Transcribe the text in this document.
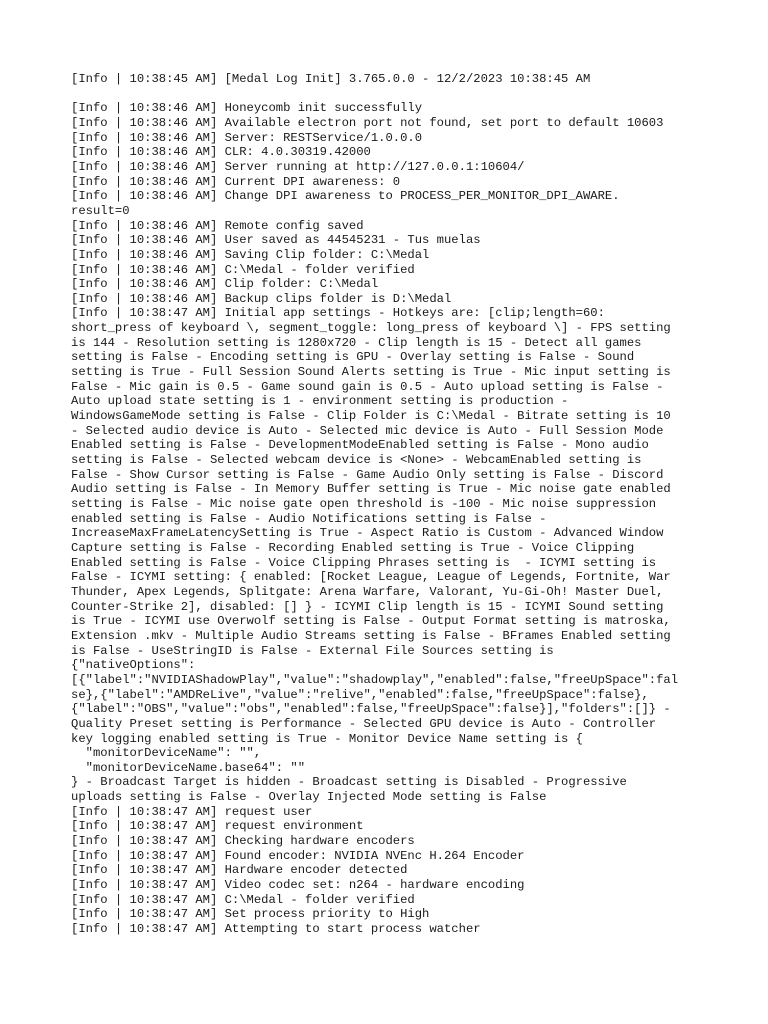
[Info | 10:38:45 AM] [Medal Log Init] 3.765.0.0 - 12/2/2023 10:38:45 AM
[Info | 10:38:46 AM] Honeycomb init successfully
[Info | 10:38:46 AM] Available electron port not found, set port to default 10603
[Info | 10:38:46 AM] Server: RESTService/1.0.0.0
[Info | 10:38:46 AM] CLR: 4.0.30319.42000
[Info | 10:38:46 AM] Server running at http://127.0.0.1:10604/
[Info | 10:38:46 AM] Current DPI awareness: 0
[Info | 10:38:46 AM] Change DPI awareness to PROCESS_PER_MONITOR_DPI_AWARE.
result=0
[Info | 10:38:46 AM] Remote config saved
[Info | 10:38:46 AM] User saved as 44545231 - Tus muelas
[Info | 10:38:46 AM] Saving Clip folder: C:\Medal
[Info | 10:38:46 AM] C:\Medal - folder verified
[Info | 10:38:46 AM] Clip folder: C:\Medal
[Info | 10:38:46 AM] Backup clips folder is D:\Medal
[Info | 10:38:47 AM] Initial app settings - Hotkeys are: [clip;length=60:
short_press of keyboard \, segment_toggle: long_press of keyboard \] - FPS setting
is 144 - Resolution setting is 1280x720 - Clip length is 15 - Detect all games
setting is False - Encoding setting is GPU - Overlay setting is False - Sound
setting is True - Full Session Sound Alerts setting is True - Mic input setting is
False - Mic gain is 0.5 - Game sound gain is 0.5 - Auto upload setting is False -
Auto upload state setting is 1 - environment setting is production -
WindowsGameMode setting is False - Clip Folder is C:\Medal - Bitrate setting is 10
- Selected audio device is Auto - Selected mic device is Auto - Full Session Mode
Enabled setting is False - DevelopmentModeEnabled setting is False - Mono audio
setting is False - Selected webcam device is <None> - WebcamEnabled setting is
False - Show Cursor setting is False - Game Audio Only setting is False - Discord
Audio setting is False - In Memory Buffer setting is True - Mic noise gate enabled
setting is False - Mic noise gate open threshold is -100 - Mic noise suppression
enabled setting is False - Audio Notifications setting is False -
IncreaseMaxFrameLatencySetting is True - Aspect Ratio is Custom - Advanced Window
Capture setting is False - Recording Enabled setting is True - Voice Clipping
Enabled setting is False - Voice Clipping Phrases setting is  - ICYMI setting is
False - ICYMI setting: { enabled: [Rocket League, League of Legends, Fortnite, War
Thunder, Apex Legends, Splitgate: Arena Warfare, Valorant, Yu-Gi-Oh! Master Duel,
Counter-Strike 2], disabled: [] } - ICYMI Clip length is 15 - ICYMI Sound setting
is True - ICYMI use Overwolf setting is False - Output Format setting is matroska,
Extension .mkv - Multiple Audio Streams setting is False - BFrames Enabled setting
is False - UseStringID is False - External File Sources setting is
{"nativeOptions":
[{"label":"NVIDIAShadowPlay","value":"shadowplay","enabled":false,"freeUpSpace":fal
se},{"label":"AMDReLive","value":"relive","enabled":false,"freeUpSpace":false},
{"label":"OBS","value":"obs","enabled":false,"freeUpSpace":false}],"folders":[]} -
Quality Preset setting is Performance - Selected GPU device is Auto - Controller
key logging enabled setting is True - Monitor Device Name setting is {
"monitorDeviceName": "",
"monitorDeviceName.base64": ""
} - Broadcast Target is hidden - Broadcast setting is Disabled - Progressive
uploads setting is False - Overlay Injected Mode setting is False
[Info | 10:38:47 AM] request user
[Info | 10:38:47 AM] request environment
[Info | 10:38:47 AM] Checking hardware encoders
[Info | 10:38:47 AM] Found encoder: NVIDIA NVEnc H.264 Encoder
[Info | 10:38:47 AM] Hardware encoder detected
[Info | 10:38:47 AM] Video codec set: n264 - hardware encoding
[Info | 10:38:47 AM] C:\Medal - folder verified
[Info | 10:38:47 AM] Set process priority to High
[Info | 10:38:47 AM] Attempting to start process watcher
